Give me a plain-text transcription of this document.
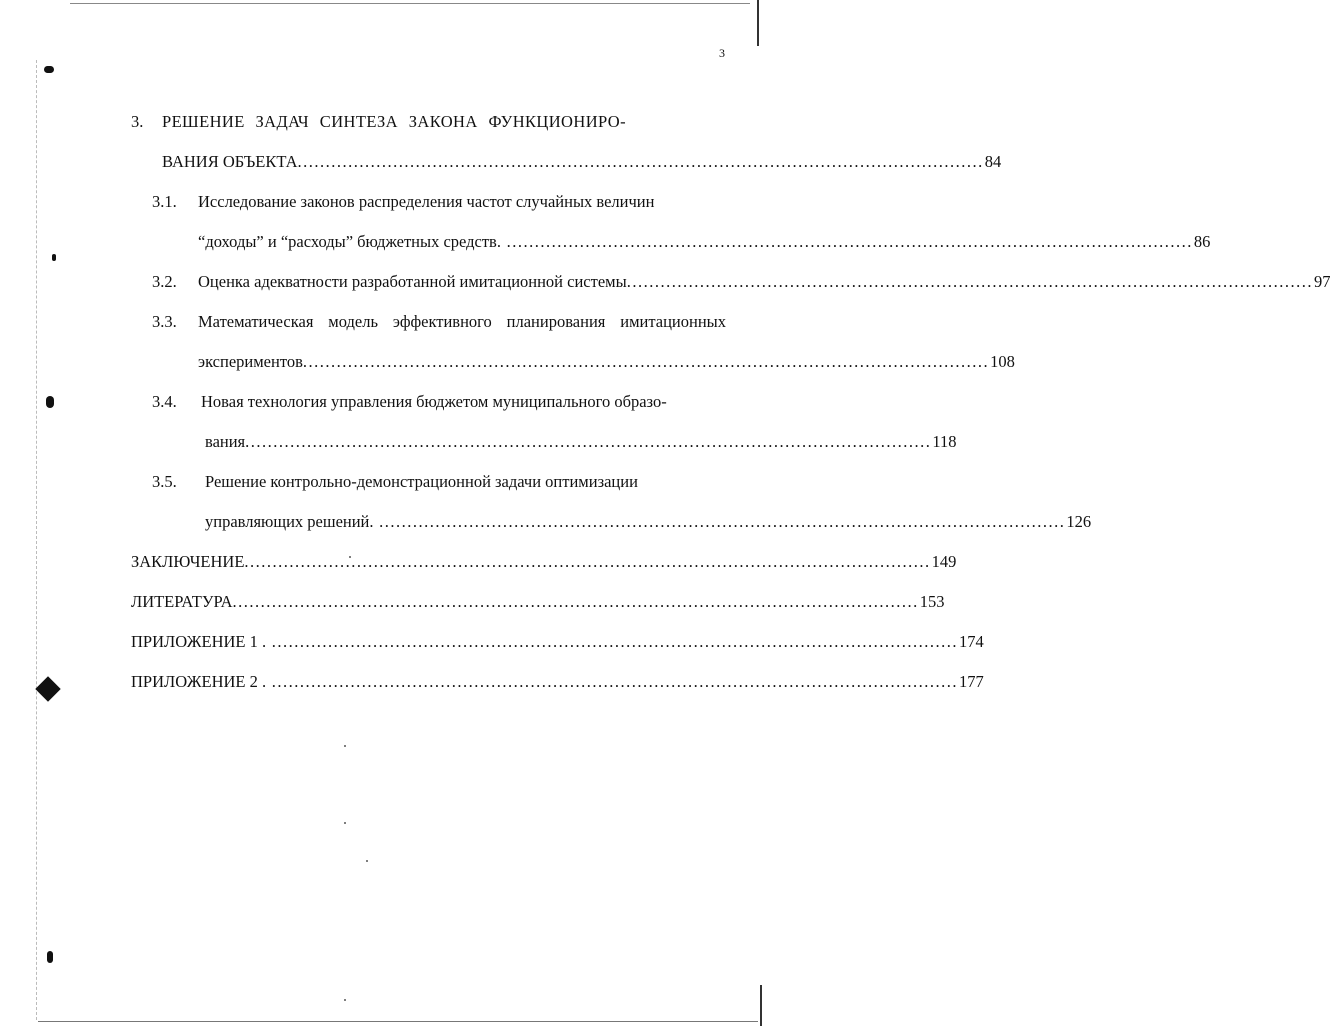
3
3. РЕШЕНИЕ ЗАДАЧ СИНТЕЗА ЗАКОНА ФУНКЦИОНИРО-
ВАНИЯ ОБЪЕКТА .......................................................................................................................... 84
3.1. Исследование законов распределения частот случайных величин
“доходы” и “расходы” бюджетных средств. .......................................................................................................................... 86
3.2. Оценка адекватности разработанной имитационной системы .......................................................................................................................... 97
3.3. Математическая модель эффективного планирования имитационных
экспериментов .......................................................................................................................... 108
3.4. Новая технология управления бюджетом муниципального образо-
вания .......................................................................................................................... 118
3.5. Решение контрольно-демонстрационной задачи оптимизации
управляющих решений. .......................................................................................................................... 126
ЗАКЛЮЧЕНИЕ .......................................................................................................................... 149
ЛИТЕРАТУРА .......................................................................................................................... 153
ПРИЛОЖЕНИЕ 1 . .......................................................................................................................... 174
ПРИЛОЖЕНИЕ 2 . .......................................................................................................................... 177
